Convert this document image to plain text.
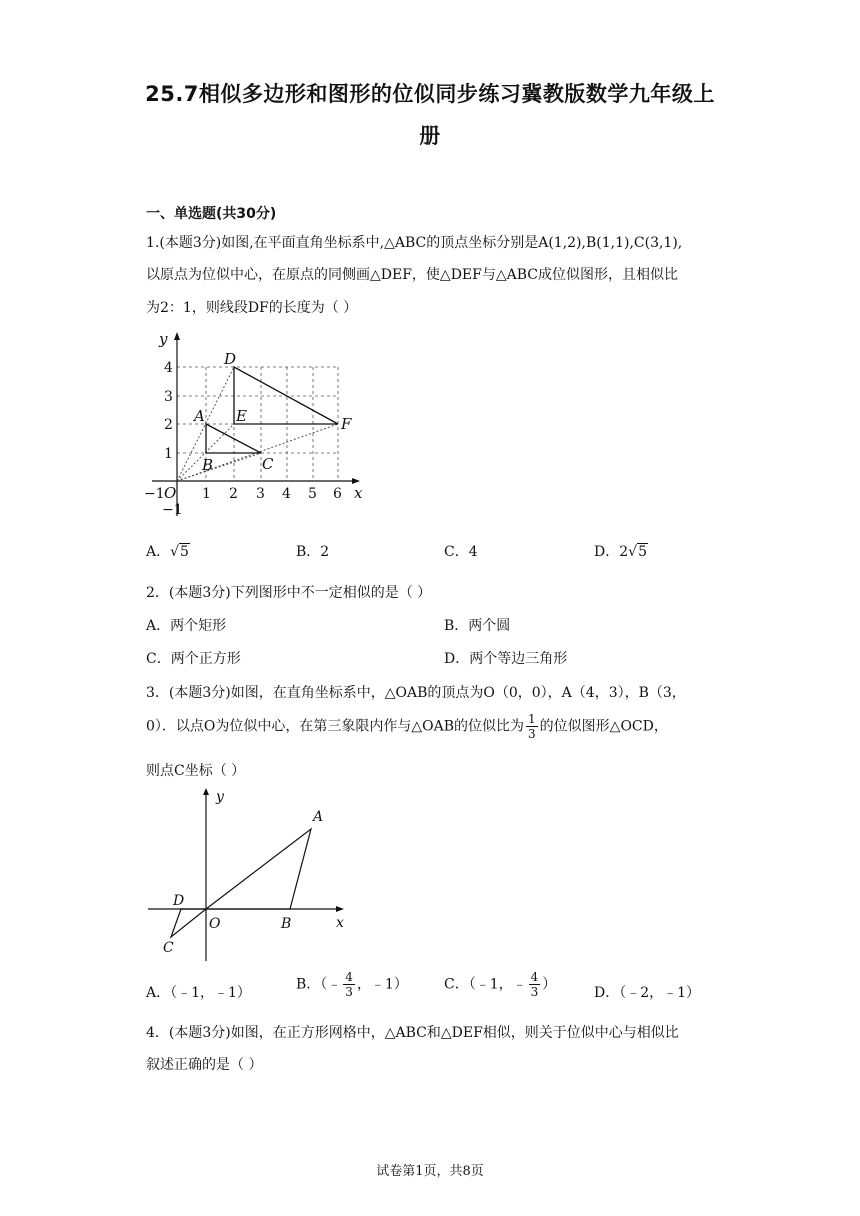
25.7相似多边形和图形的位似同步练习冀教版数学九年级上
册
一、单选题(共30分)
1.(本题3分)如图,在平面直角坐标系中,△ABC的顶点坐标分别是A(1,2),B(1,1),C(3,1),
以原点为位似中心，在原点的同侧画△DEF，使△DEF与△ABC成位似图形，且相似比
为2：1，则线段DF的长度为（ ）
y
x
O
D
A E	F
B	C
−1
−1
1 2 3 4 5 6
1
2
3
4
A．√5	B．2	C．4	D．2√5
2．(本题3分)下列图形中不一定相似的是（ ）
A．两个矩形	B．两个圆
C．两个正方形	D．两个等边三角形
3．(本题3分)如图，在直角坐标系中，△OAB的顶点为O（0，0），A（4，3），B（3，
0）．以点O为位似中心，在第三象限内作与△OAB的位似比为 $\frac{1}{3}$ 的位似图形△OCD，
则点C坐标（ ）
y
x
O
A
B
D
C
A．（﹣1，﹣1）
B．（﹣ $\frac{4}{3}$ ，﹣1）	C．（﹣1，﹣ $\frac{4}{3}$ ）
D．（﹣2，﹣1）
4．(本题3分)如图，在正方形网格中，△ABC和△DEF相似，则关于位似中心与相似比
叙述正确的是（ ）
试卷第1页，共8页
